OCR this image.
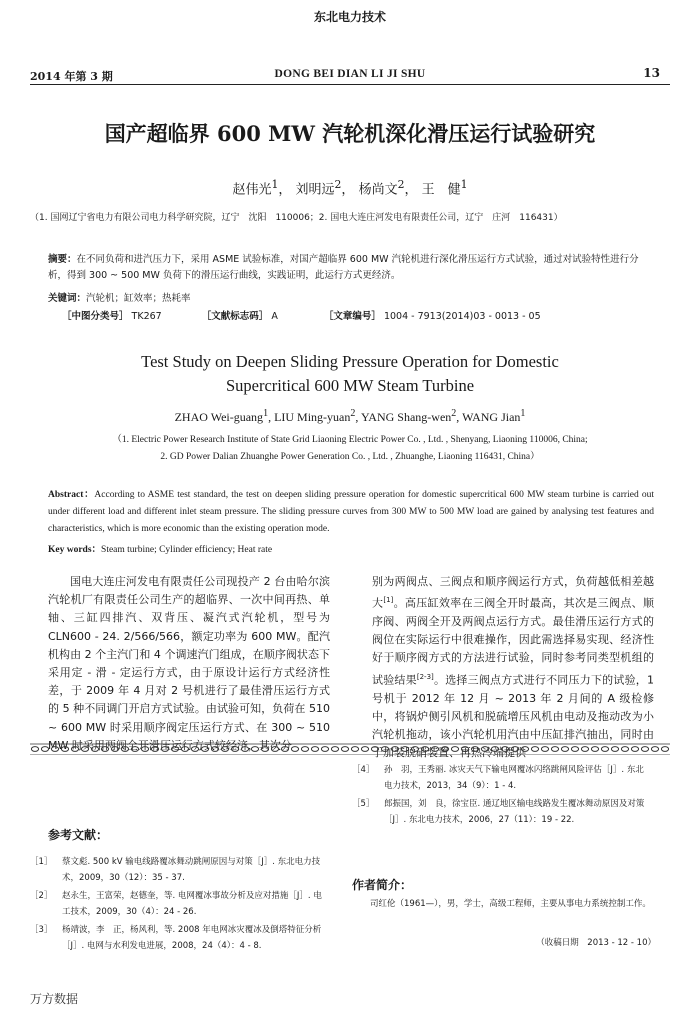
东北电力技术
2014 年第 3 期	DONG BEI DIAN LI JI SHU	13
国产超临界 600 MW 汽轮机深化滑压运行试验研究
赵伟光$^1$， 刘明远$^2$， 杨尚文$^2$， 王　健$^1$
（1. 国网辽宁省电力有限公司电力科学研究院，辽宁　沈阳　110006；2. 国电大连庄河发电有限责任公司，辽宁　庄河　116431）
摘要：在不同负荷和进汽压力下，采用 ASME 试验标准，对国产超临界 600 MW 汽轮机进行深化滑压运行方式试验，通过对试验特性进行分析，得到 300 ~ 500 MW 负荷下的滑压运行曲线，实践证明，此运行方式更经济。
关键词：汽轮机；缸效率；热耗率
［中图分类号］ TK267	［文献标志码］ A	［文章编号］ 1004 - 7913(2014)03 - 0013 - 05
Test Study on Deepen Sliding Pressure Operation for Domestic
Supercritical 600 MW Steam Turbine
ZHAO Wei-guang$^1$, LIU Ming-yuan$^2$, YANG Shang-wen$^2$, WANG Jian$^1$
（1. Electric Power Research Institute of State Grid Liaoning Electric Power Co. , Ltd. , Shenyang, Liaoning 110006, China;
2. GD Power Dalian Zhuanghe Power Generation Co. , Ltd. , Zhuanghe, Liaoning 116431, China）
Abstract：According to ASME test standard, the test on deepen sliding pressure operation for domestic supercritical 600 MW steam turbine is carried out under different load and different inlet steam pressure. The sliding pressure curves from 300 MW to 500 MW load are gained by analysing test features and characteristics, which is more economic than the existing operation mode.
Key words：Steam turbine; Cylinder efficiency; Heat rate
国电大连庄河发电有限责任公司现投产 2 台由哈尔滨汽轮机厂有限责任公司生产的超临界、一次中间再热、单轴、三缸四排汽、双背压、凝汽式汽轮机，型号为 CLN600 - 24. 2/566/566，额定功率为 600 MW。配汽机构由 2 个主汽门和 4 个调速汽门组成，在顺序阀状态下采用定 - 滑 - 定运行方式，由于原设计运行方式经济性差，于 2009 年 4 月对 2 号机进行了最佳滑压运行方式的 5 种不同调门开启方式试验。由试验可知，负荷在 510 ~ 600 MW 时采用顺序阀定压运行方式、在 300 ~ 510
别为两阀点、三阀点和顺序阀运行方式，负荷越低相差越大[1]。高压缸效率在三阀全开时最高，其次是三阀点、顺序阀、两阀全开及两阀点运行方式。最佳滑压运行方式的阀位在实际运行中很难操作，因此需选择易实现、经济性好于顺序阀方式的方法进行试验，同时参考同类型机组的试验结果[2-3]。选择三阀点方式进行不同压力下的试验，1 号机于 2012 年 12 月 ~ 2013 年 2 月间的 A 级检修中，将锅炉侧引风机和脱硫增压风机由电动及拖动改为小汽轮机拖动，该小汽轮机用汽由中压缸排汽抽出，同时由
参考文献：
［1］	蔡文彪. 500 kV 输电线路覆冰舞动跳闸原因与对策［J］. 东北电力技术，2009，30（12）：35 - 37.
［2］	赵永生，王富荣，赵德奎，等. 电网覆冰事故分析及应对措施［J］. 电工技术，2009，30（4）：24 - 26.
［3］	杨靖波，李　正，杨风利，等. 2008 年电网冰灾覆冰及倒塔特征分析［J］. 电网与水利发电进展，2008，24（4）：4 - 8.
［4］	孙　羽，王秀丽. 冰灾天气下输电网覆冰闪络跳闸风险评估［J］. 东北电力技术，2013，34（9）：1 - 4.
［5］	郎振国，刘　良，徐宝臣. 通辽地区输电线路发生覆冰舞动原因及对策［J］. 东北电力技术，2006，27（11）：19 - 22.
作者简介：
司红伦（1961—），男，学士，高级工程师，主要从事电力系统控制工作。
（收稿日期　2013 - 12 - 10）
万方数据
